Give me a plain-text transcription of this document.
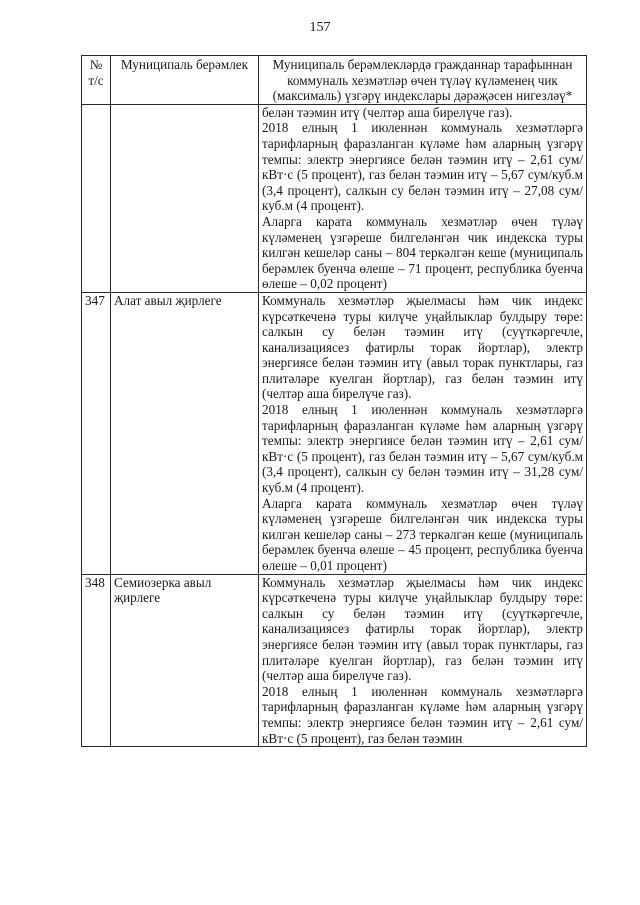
157
№ т/с	Муниципаль берәмлек	Муниципаль берәмлекләрдә гражданнар тарафыннан коммуналь хезмәтләр өчен түләү күләменең чик (максималь) үзгәрү индекслары дәрәҗәсен нигезләү*

		белән тәэмин итү (челтәр аша бирелүче газ).

2018 елның 1 июленнән коммуналь хезмәтләргә тарифларның фаразланган күләме һәм аларның үзгәрү темпы: электр энергиясе белән тәэмин итү – 2,61 сум/кВт·с (5 процент), газ белән тәэмин итү – 5,67 сум/куб.м (3,4 процент), салкын су белән тәэмин итү – 27,08 сум/куб.м (4 процент).

Аларга карата коммуналь хезмәтләр өчен түләү күләменең үзгәреше билгеләнгән чик индекска туры килгән кешеләр саны – 804 теркәлгән кеше (муниципаль берәмлек буенча өлеше – 71 процент, республика буенча өлеше – 0,02 процент)

347	Алат авыл җирлеге	Коммуналь хезмәтләр җыелмасы һәм чик индекс күрсәткеченә туры килүче уңайлыклар булдыру төре: салкын су белән тәэмин итү (суүткәргечле, канализациясез фатирлы торак йортлар), электр энергиясе белән тәэмин итү (авыл торак пунктлары, газ плитәләре куелган йортлар), газ белән тәэмин итү (челтәр аша бирелүче газ).

2018 елның 1 июленнән коммуналь хезмәтләргә тарифларның фаразланган күләме һәм аларның үзгәрү темпы: электр энергиясе белән тәэмин итү – 2,61 сум/кВт·с (5 процент), газ белән тәэмин итү – 5,67 сум/куб.м (3,4 процент), салкын су белән тәэмин итү – 31,28 сум/куб.м (4 процент).

Аларга карата коммуналь хезмәтләр өчен түләү күләменең үзгәреше билгеләнгән чик индекска туры килгән кешеләр саны – 273 теркәлгән кеше (муниципаль берәмлек буенча өлеше – 45 процент, республика буенча өлеше – 0,01 процент)

348	Семиозерка авыл җирлеге	Коммуналь хезмәтләр җыелмасы һәм чик индекс күрсәткеченә туры килүче уңайлыклар булдыру төре: салкын су белән тәэмин итү (суүткәргечле, канализациясез фатирлы торак йортлар), электр энергиясе белән тәэмин итү (авыл торак пунктлары, газ плитәләре куелган йортлар), газ белән тәэмин итү (челтәр аша бирелүче газ).

2018 елның 1 июленнән коммуналь хезмәтләргә тарифларның фаразланган күләме һәм аларның үзгәрү темпы: электр энергиясе белән тәэмин итү – 2,61 сум/кВт·с (5 процент), газ белән тәэмин
